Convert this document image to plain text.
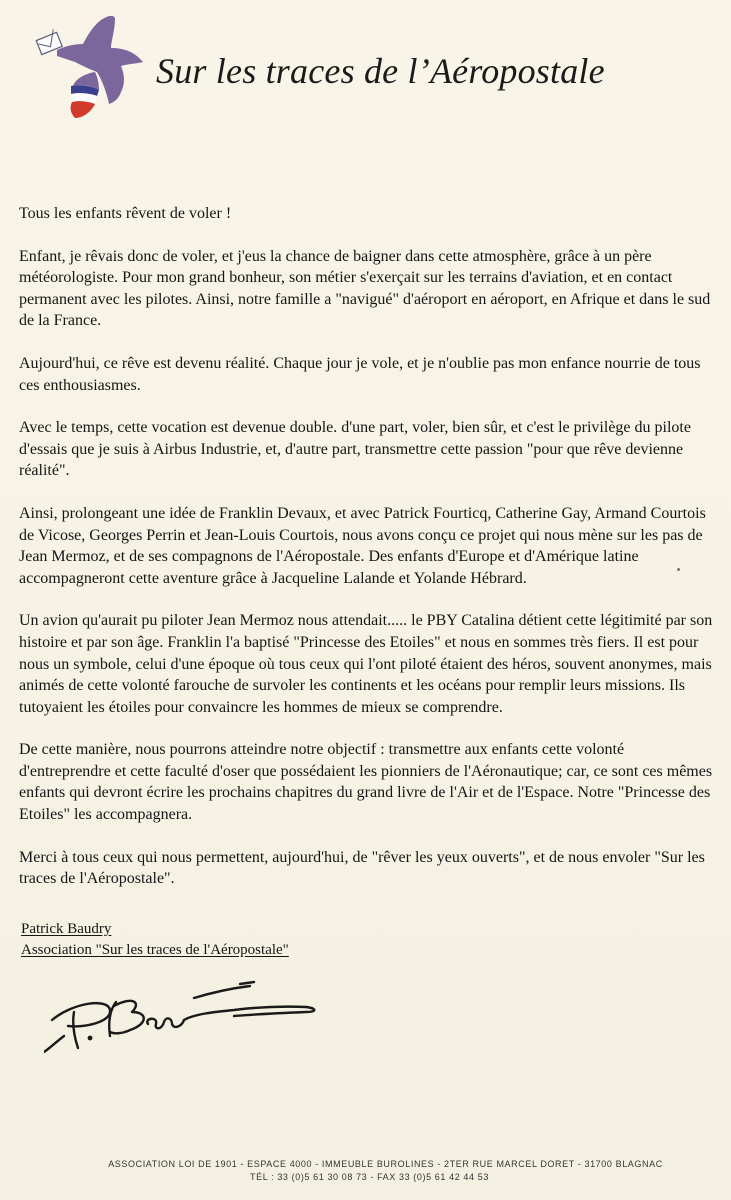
Sur les traces de l’Aéropostale

Tous les enfants rêvent de voler !

Enfant, je rêvais donc de voler, et j'eus la chance de baigner dans cette atmosphère, grâce à un père météorologiste. Pour mon grand bonheur, son métier s'exerçait sur les terrains d'aviation, et en contact permanent avec les pilotes. Ainsi, notre famille a "navigué" d'aéroport en aéroport, en Afrique et dans le sud de la France.

Aujourd'hui, ce rêve est devenu réalité. Chaque jour je vole, et je n'oublie pas mon enfance nourrie de tous ces enthousiasmes.

Avec le temps, cette vocation est devenue double. d'une part, voler, bien sûr, et c'est le privilège du pilote d'essais que je suis à Airbus Industrie, et, d'autre part, transmettre cette passion "pour que rêve devienne réalité".

Ainsi, prolongeant une idée de Franklin Devaux, et avec Patrick Fourticq, Catherine Gay, Armand Courtois de Vicose, Georges Perrin et Jean-Louis Courtois, nous avons conçu ce projet qui nous mène sur les pas de Jean Mermoz, et de ses compagnons de l'Aéropostale. Des enfants d'Europe et d'Amérique latine accompagneront cette aventure grâce à Jacqueline Lalande et Yolande Hébrard.

Un avion qu'aurait pu piloter Jean Mermoz nous attendait..... le PBY Catalina détient cette légitimité par son histoire et par son âge. Franklin l'a baptisé "Princesse des Etoiles" et nous en sommes très fiers. Il est pour nous un symbole, celui d'une époque où tous ceux qui l'ont piloté étaient des héros, souvent anonymes, mais animés de cette volonté farouche de survoler les continents et les océans pour remplir leurs missions. Ils tutoyaient les étoiles pour convaincre les hommes de mieux se comprendre.

De cette manière, nous pourrons atteindre notre objectif : transmettre aux enfants cette volonté d'entreprendre et cette faculté d'oser que possédaient les pionniers de l'Aéronautique; car, ce sont ces mêmes enfants qui devront écrire les prochains chapitres du grand livre de l'Air et de l'Espace. Notre "Princesse des Etoiles" les accompagnera.

Merci à tous ceux qui nous permettent, aujourd'hui, de "rêver les yeux ouverts", et de nous envoler "Sur les traces de l'Aéropostale".

Patrick Baudry
Association "Sur les traces de l'Aéropostale"
ASSOCIATION LOI DE 1901 - ESPACE 4000 - IMMEUBLE BUROLINES - 2TER RUE MARCEL DORET - 31700 BLAGNAC
TÉL : 33 (0)5 61 30 08 73 - FAX 33 (0)5 61 42 44 53
